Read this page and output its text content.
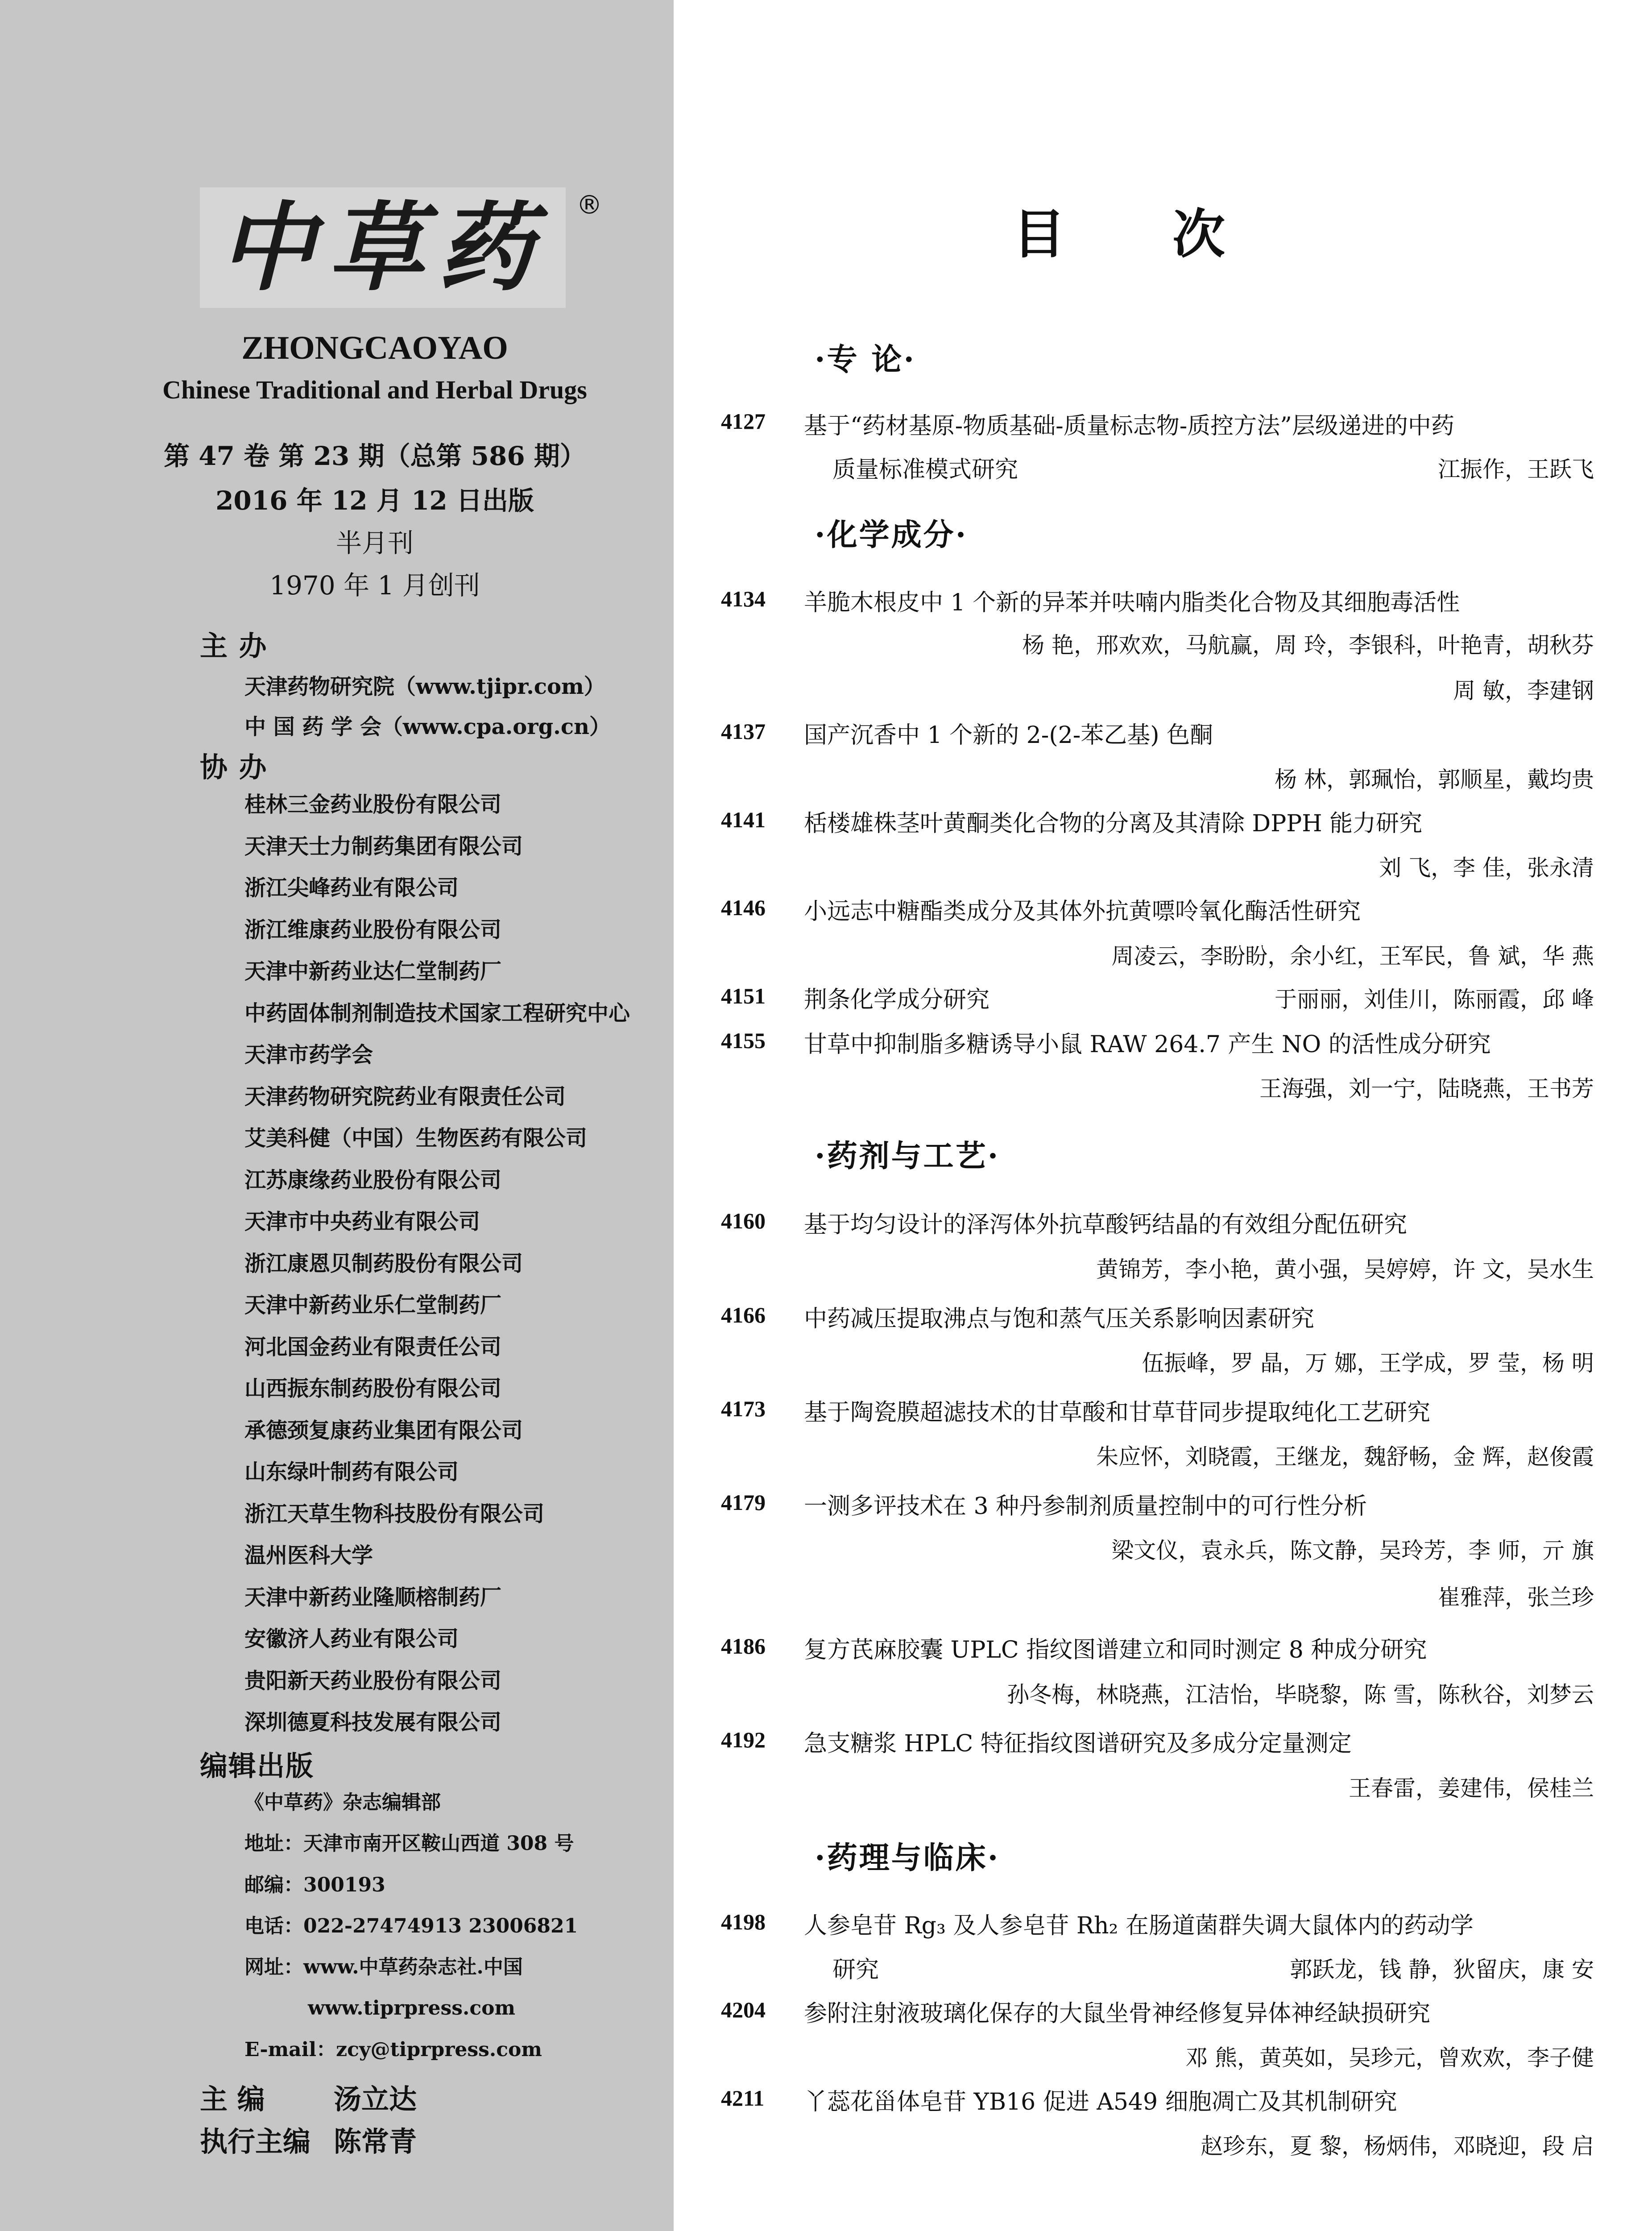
中草药	®
ZHONGCAOYAO
Chinese Traditional and Herbal Drugs
第 47 卷 第 23 期（总第 586 期）
2016 年 12 月 12 日出版
半月刊
1970 年 1 月创刊
主 办
天津药物研究院（www.tjipr.com）
中 国 药 学 会（www.cpa.org.cn）
协 办
桂林三金药业股份有限公司
天津天士力制药集团有限公司
浙江尖峰药业有限公司
浙江维康药业股份有限公司
天津中新药业达仁堂制药厂
中药固体制剂制造技术国家工程研究中心
天津市药学会
天津药物研究院药业有限责任公司
艾美科健（中国）生物医药有限公司
江苏康缘药业股份有限公司
天津市中央药业有限公司
浙江康恩贝制药股份有限公司
天津中新药业乐仁堂制药厂
河北国金药业有限责任公司
山西振东制药股份有限公司
承德颈复康药业集团有限公司
山东绿叶制药有限公司
浙江天草生物科技股份有限公司
温州医科大学
天津中新药业隆顺榕制药厂
安徽济人药业有限公司
贵阳新天药业股份有限公司
深圳德夏科技发展有限公司
编辑出版
《中草药》杂志编辑部
地址：天津市南开区鞍山西道 308 号
邮编：300193
电话：022-27474913 23006821
网址：www.中草药杂志社.中国
www.tiprpress.com
E-mail：zcy@tiprpress.com
主 编 汤立达
执行主编 陈常青
目次
·专 论·
4127	基于“药材基原-物质基础-质量标志物-质控方法”层级递进的中药
质量标准模式研究	江振作，王跃飞
·化学成分·
4134	羊脆木根皮中 1 个新的异苯并呋喃内脂类化合物及其细胞毒活性
杨 艳，邢欢欢，马航赢，周 玲，李银科，叶艳青，胡秋芬
周 敏，李建钢
4137	国产沉香中 1 个新的 2-(2-苯乙基) 色酮
杨 林，郭珮怡，郭顺星，戴均贵
4141	栝楼雄株茎叶黄酮类化合物的分离及其清除 DPPH 能力研究
刘 飞，李 佳，张永清
4146	小远志中糖酯类成分及其体外抗黄嘌呤氧化酶活性研究
周凌云，李盼盼，余小红，王军民，鲁 斌，华 燕
4151	荆条化学成分研究	于丽丽，刘佳川，陈丽霞，邱 峰
4155	甘草中抑制脂多糖诱导小鼠 RAW 264.7 产生 NO 的活性成分研究
王海强，刘一宁，陆晓燕，王书芳
·药剂与工艺·
4160	基于均匀设计的泽泻体外抗草酸钙结晶的有效组分配伍研究
黄锦芳，李小艳，黄小强，吴婷婷，许 文，吴水生
4166	中药减压提取沸点与饱和蒸气压关系影响因素研究
伍振峰，罗 晶，万 娜，王学成，罗 莹，杨 明
4173	基于陶瓷膜超滤技术的甘草酸和甘草苷同步提取纯化工艺研究
朱应怀，刘晓霞，王继龙，魏舒畅，金 辉，赵俊霞
4179	一测多评技术在 3 种丹参制剂质量控制中的可行性分析
梁文仪，袁永兵，陈文静，吴玲芳，李 师，亓 旗
崔雅萍，张兰珍
4186	复方芪麻胶囊 UPLC 指纹图谱建立和同时测定 8 种成分研究
孙冬梅，林晓燕，江洁怡，毕晓黎，陈 雪，陈秋谷，刘梦云
4192	急支糖浆 HPLC 特征指纹图谱研究及多成分定量测定
王春雷，姜建伟，侯桂兰
·药理与临床·
4198	人参皂苷 Rg₃ 及人参皂苷 Rh₂ 在肠道菌群失调大鼠体内的药动学
研究	郭跃龙，钱 静，狄留庆，康 安
4204	参附注射液玻璃化保存的大鼠坐骨神经修复异体神经缺损研究
邓 熊，黄英如，吴珍元，曾欢欢，李子健
4211	丫蕊花甾体皂苷 YB16 促进 A549 细胞凋亡及其机制研究
赵珍东，夏 黎，杨炳伟，邓晓迎，段 启
